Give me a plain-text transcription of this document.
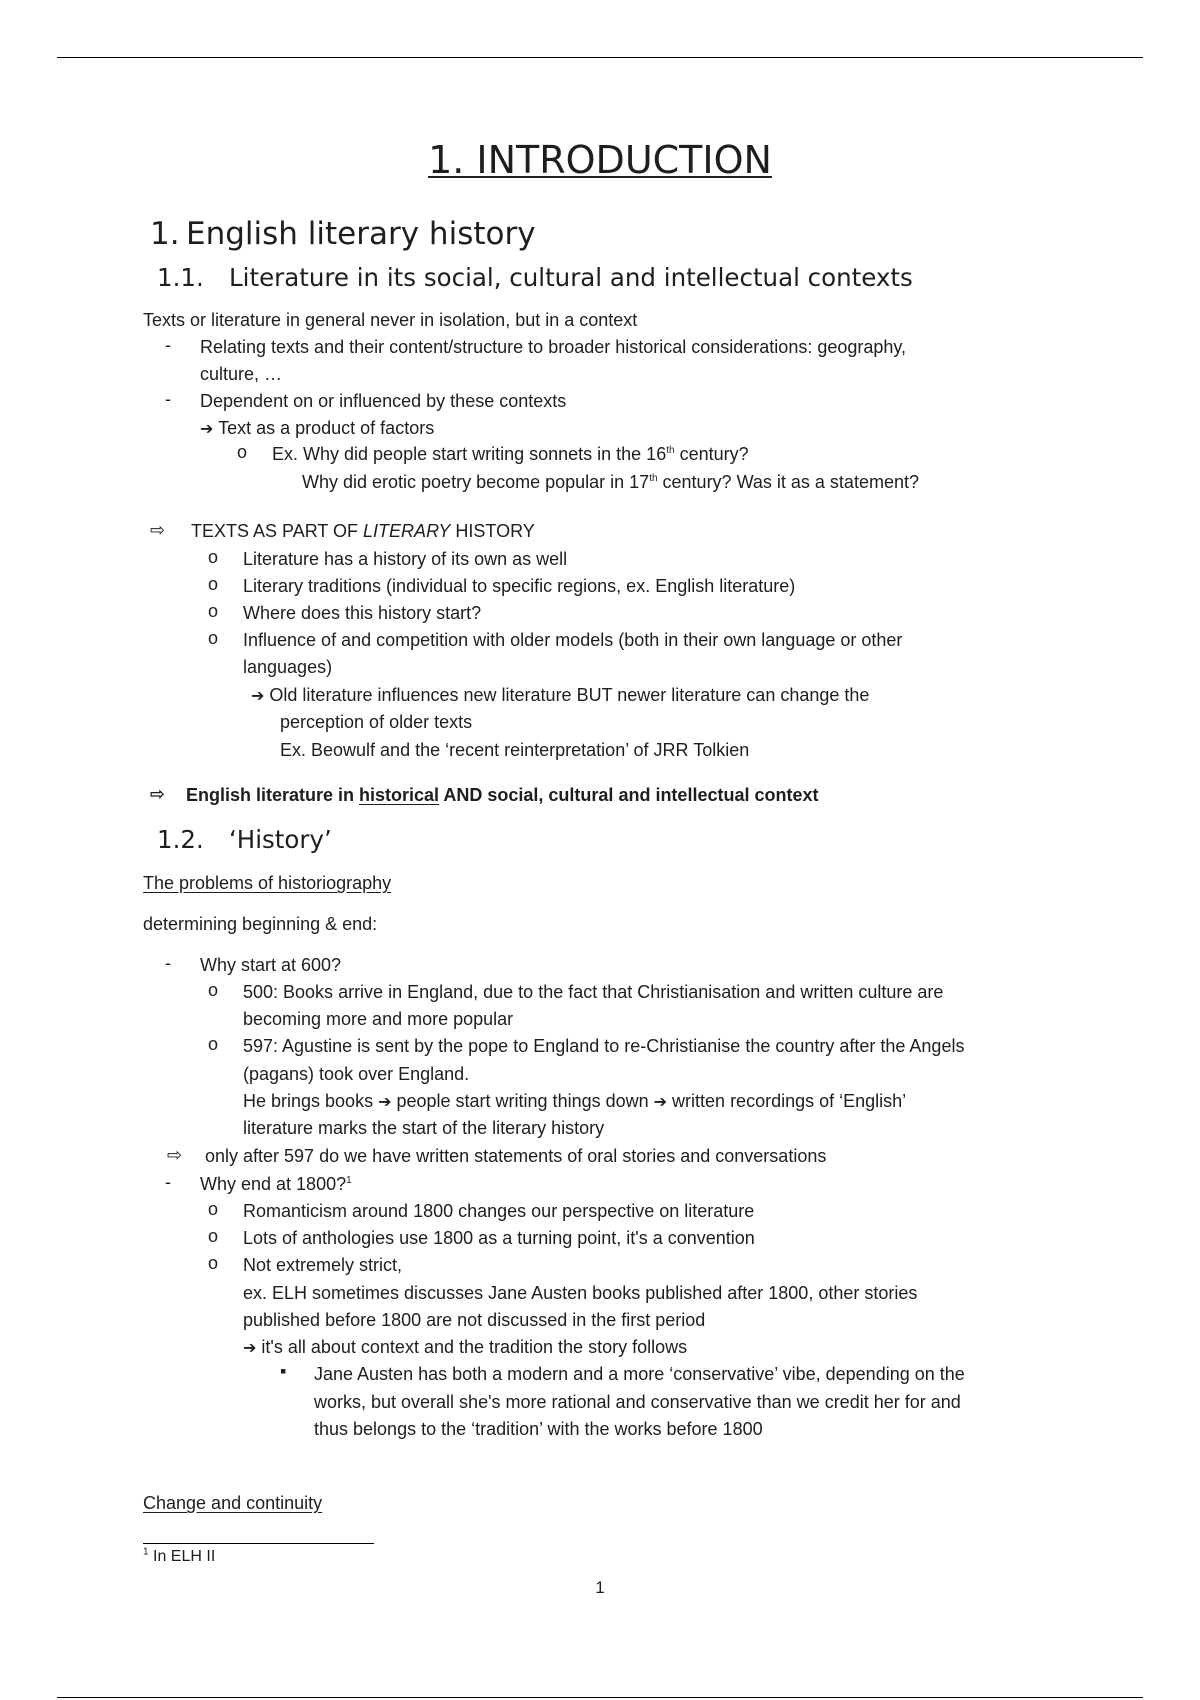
1. INTRODUCTION
1. English literary history
1.1. Literature in its social, cultural and intellectual contexts
Texts or literature in general never in isolation, but in a context
- Relating texts and their content/structure to broader historical considerations: geography,
culture, …
- Dependent on or influenced by these contexts
➔ Text as a product of factors
o Ex. Why did people start writing sonnets in the 16th century?
Why did erotic poetry become popular in 17th century? Was it as a statement?
⇨ TEXTS AS PART OF LITERARY HISTORY
o Literature has a history of its own as well
o Literary traditions (individual to specific regions, ex. English literature)
o Where does this history start?
o Influence of and competition with older models (both in their own language or other
languages)
➔ Old literature influences new literature BUT newer literature can change the
perception of older texts
Ex. Beowulf and the ‘recent reinterpretation’ of JRR Tolkien
⇨ English literature in historical AND social, cultural and intellectual context
1.2. ‘History’
The problems of historiography
determining beginning & end:
- Why start at 600?
o 500: Books arrive in England, due to the fact that Christianisation and written culture are
becoming more and more popular
o 597: Agustine is sent by the pope to England to re-Christianise the country after the Angels
(pagans) took over England.
He brings books ➔ people start writing things down ➔ written recordings of ‘English’
literature marks the start of the literary history
⇨ only after 597 do we have written statements of oral stories and conversations
- Why end at 1800?$^1$
o Romanticism around 1800 changes our perspective on literature
o Lots of anthologies use 1800 as a turning point, it's a convention
o Not extremely strict,
ex. ELH sometimes discusses Jane Austen books published after 1800, other stories
published before 1800 are not discussed in the first period
➔ it's all about context and the tradition the story follows
▪ Jane Austen has both a modern and a more ‘conservative’ vibe, depending on the
works, but overall she's more rational and conservative than we credit her for and
thus belongs to the ‘tradition’ with the works before 1800
Change and continuity
$^1$ In ELH II
1
